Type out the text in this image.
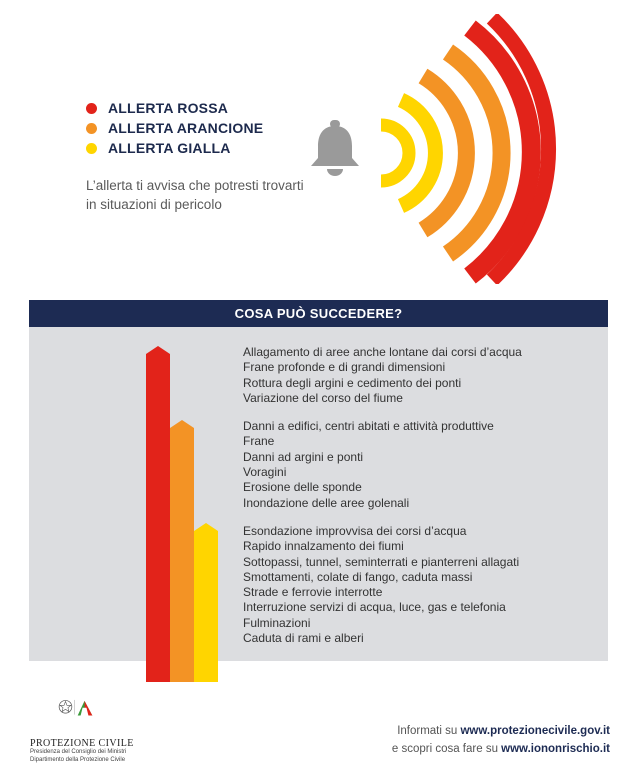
ALLERTA ROSSA
ALLERTA ARANCIONE
ALLERTA GIALLA
L’allerta ti avvisa che potresti trovarti in situazioni di pericolo
COSA PUÒ SUCCEDERE?
Allagamento di aree anche lontane dai corsi d’acqua
Frane profonde e di grandi dimensioni
Rottura degli argini e cedimento dei ponti
Variazione del corso del fiume
Danni a edifici, centri abitati e attività produttive
Frane
Danni ad argini e ponti
Voragini
Erosione delle sponde
Inondazione delle aree golenali
Esondazione improvvisa dei corsi d’acqua
Rapido innalzamento dei fiumi
Sottopassi, tunnel, seminterrati e pianterreni allagati
Smottamenti, colate di fango, caduta massi
Strade e ferrovie interrotte
Interruzione servizi di acqua, luce, gas e telefonia
Fulminazioni
Caduta di rami e alberi
PROTEZIONE CIVILE
Presidenza del Consiglio dei Ministri
Dipartimento della Protezione Civile
Informati su www.protezionecivile.gov.it
e scopri cosa fare su www.iononrischio.it
